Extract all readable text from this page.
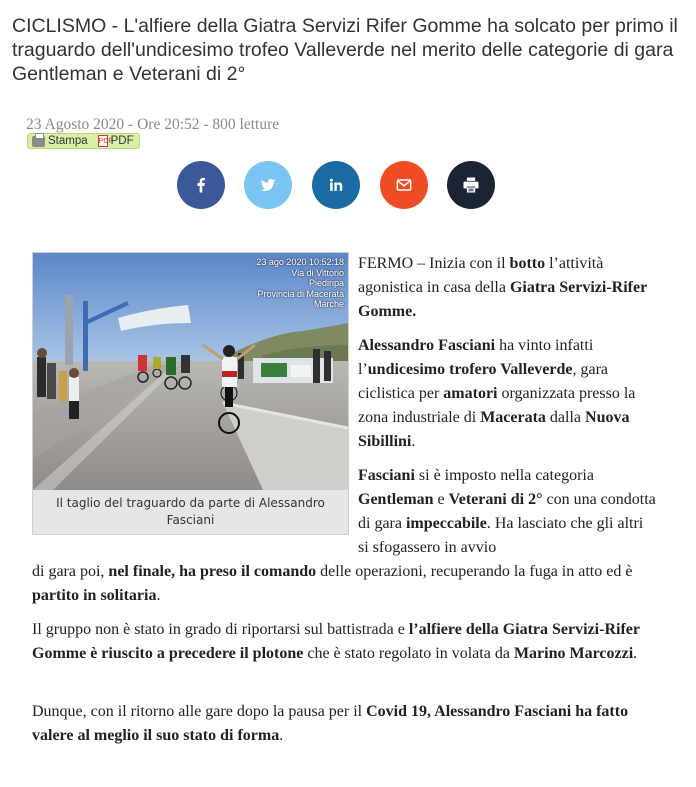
CICLISMO - L'alfiere della Giatra Servizi Rifer Gomme ha solcato per primo il traguardo dell'undicesimo trofeo Valleverde nel merito delle categorie di gara Gentleman e Veterani di 2°
23 Agosto 2020 - Ore 20:52 - 800 letture
Stampa PDF
PDF
23 ago 2020 10:52:18
Via di Vittorio
Piediripa
Provincia di Macerata
Marche
Il taglio del traguardo da parte di Alessandro Fasciani
FERMO – Inizia con il botto l’attività agonistica in casa della Giatra Servizi-Rifer Gomme.
Alessandro Fasciani ha vinto infatti l’undicesimo trofero Valleverde, gara ciclistica per amatori organizzata presso la zona industriale di Macerata dalla Nuova Sibillini.
Fasciani si è imposto nella categoria Gentleman e Veterani di 2° con una condotta di gara impeccabile. Ha lasciato che gli altri si sfogassero in avvio
di gara poi, nel finale, ha preso il comando delle operazioni, recuperando la fuga in atto ed è partito in solitaria.
Il gruppo non è stato in grado di riportarsi sul battistrada e l’alfiere della Giatra Servizi-Rifer Gomme è riuscito a precedere il plotone che è stato regolato in volata da Marino Marcozzi.
Dunque, con il ritorno alle gare dopo la pausa per il Covid 19, Alessandro Fasciani ha fatto valere al meglio il suo stato di forma.
